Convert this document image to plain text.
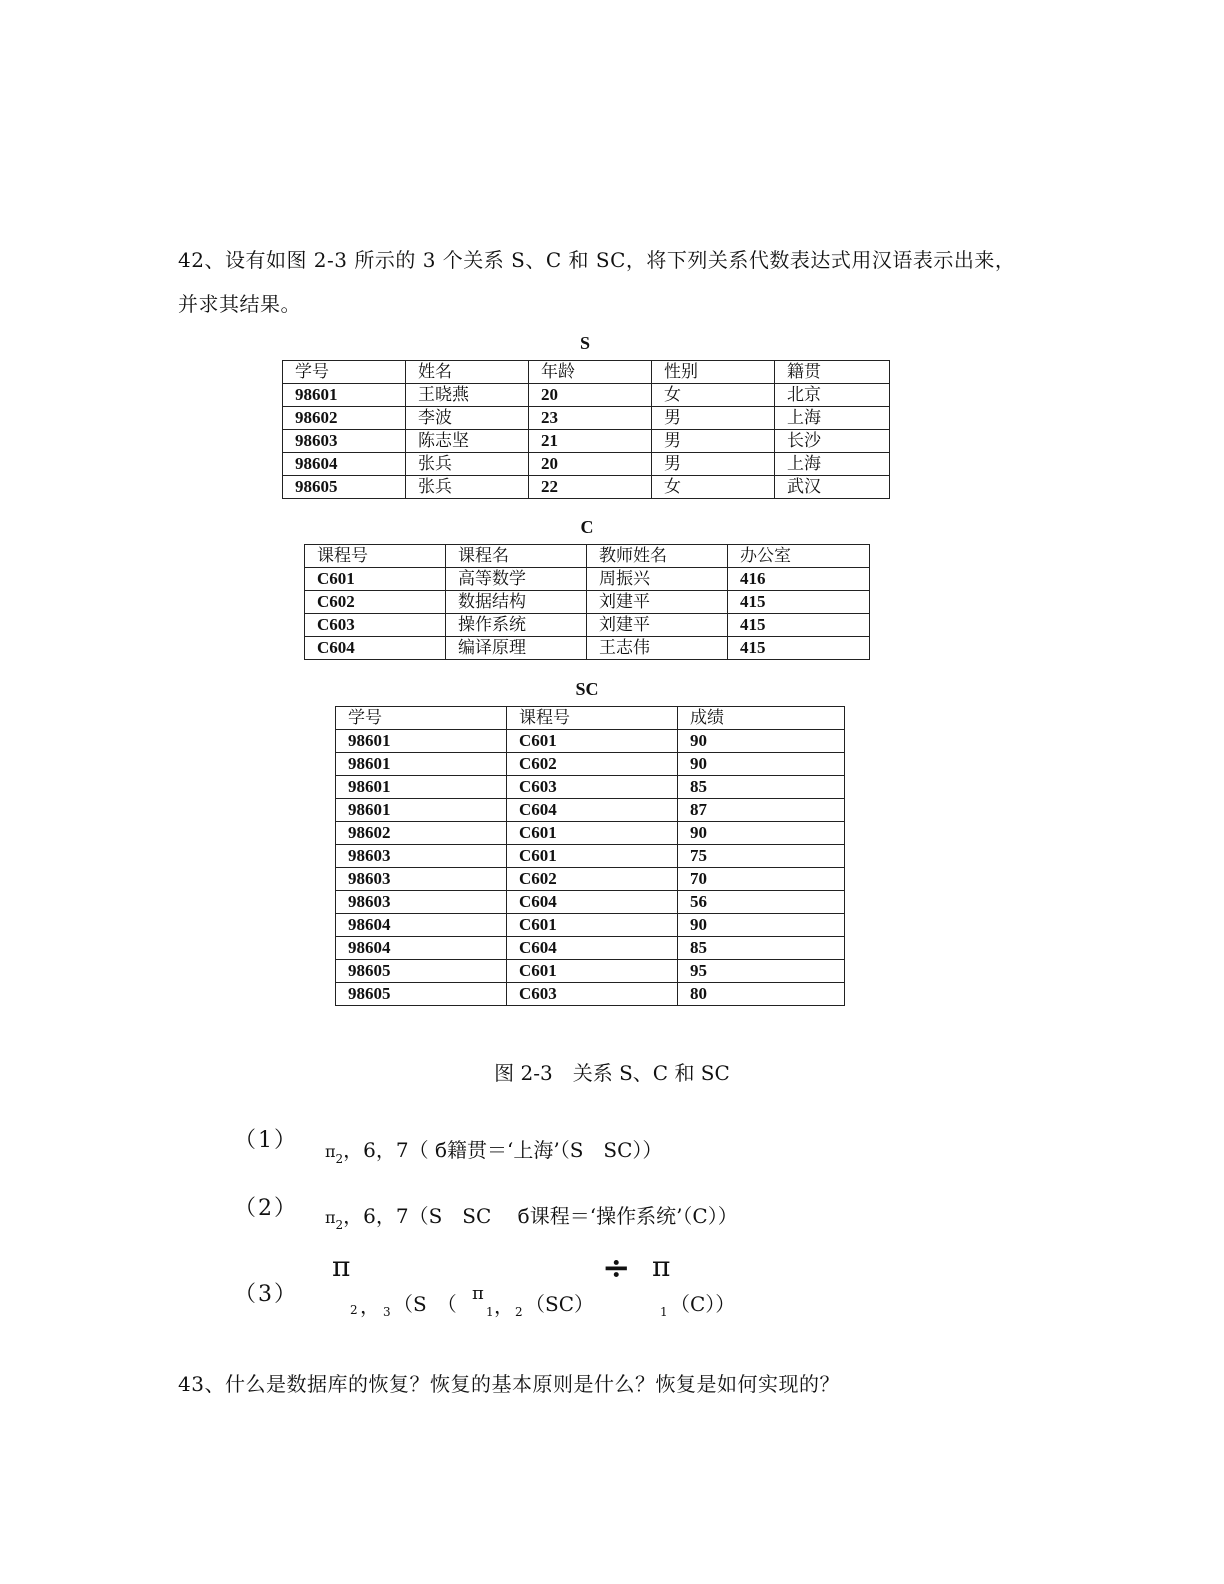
42、设有如图 2-3 所示的 3 个关系 S、C 和 SC，将下列关系代数表达式用汉语表示出来，
并求其结果。
S
学号	姓名	年龄	性别	籍贯
98601	王晓燕	20	女	北京
98602	李波	23	男	上海
98603	陈志坚	21	男	长沙
98604	张兵	20	男	上海
98605	张兵	22	女	武汉
C
课程号	课程名	教师姓名	办公室
C601	高等数学	周振兴	416
C602	数据结构	刘建平	415
C603	操作系统	刘建平	415
C604	编译原理	王志伟	415
SC
学号	课程号	成绩
98601	C601	90
98601	C602	90
98601	C603	85
98601	C604	87
98602	C601	90
98603	C601	75
98603	C602	70
98603	C604	56
98604	C601	90
98604	C604	85
98605	C601	95
98605	C603	80
图 2-3　关系 S、C 和 SC
（1） $\pi_2$，6，7（ б籍贯＝‘上海’（S　SC））
（2） $\pi_2$，6，7（S　SC　 б课程＝‘操作系统’（C））
（3）
π
2 ， 3 （S　（ π
1 ， 2 （SC）
÷ π
1 （C））
43、什么是数据库的恢复？恢复的基本原则是什么？恢复是如何实现的？
